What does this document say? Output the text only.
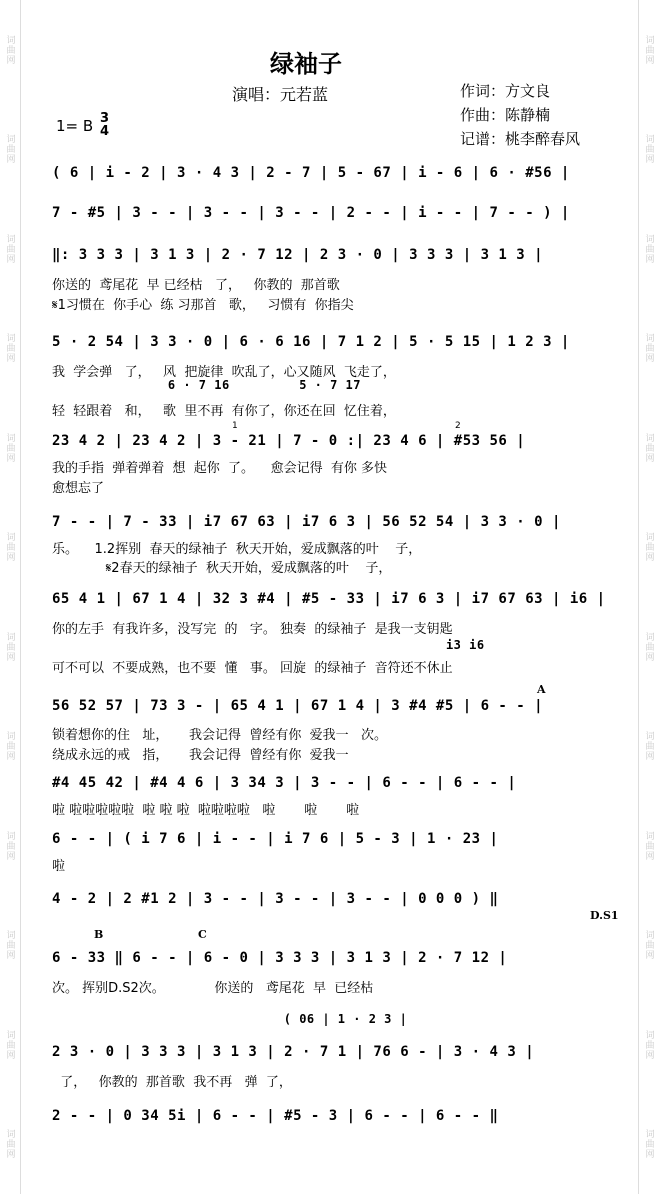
词曲网
词曲网
词曲网
词曲网
词曲网
词曲网
词曲网
词曲网
词曲网
词曲网
词曲网
词曲网
词曲网
词曲网
词曲网
词曲网
词曲网
词曲网
词曲网
词曲网
词曲网
词曲网
词曲网
词曲网
绿袖子
演唱：元若蓝	作词：方文良
作曲：陈静楠
记谱：桃李醉春风
1= B 3
4
( 6 | i - 2 | 3 · 4 3 | 2 - 7 | 5 - 67 | i - 6 | 6 · #56 |
7 - #5 | 3 - - | 3 - - | 3 - - | 2 - - | i - - | 7 - - ) |
‖: 3 3 3 | 3 1 3 | 2 · 7 12 | 2 3 · 0 | 3 3 3 | 3 1 3 |
你送的  鸢尾花  早 已经枯   了，   你教的  那首歌
𝄋1习惯在  你手心  练 习那首   歌，   习惯有  你指尖
5 · 2 54 | 3 3 · 0 | 6 · 6 16 | 7 1 2 | 5 · 5 15 | 1 2 3 |
我  学会弹   了，   风  把旋律  吹乱了，心又随风  飞走了，
6 · 7 16         5 · 7 17
轻  轻跟着   和，   歌  里不再  有你了，你还在回  忆住着，
23 4 2 | 23 4 2 | 3 - 21 | 7 - 0 :| 23 4 6 | #53 56 |
我的手指  弹着弹着  想  起你  了。    愈会记得  有你 多快
愈想忘了
7 - - | 7 - 33 | i7 67 63 | i7 6 3 | 56 52 54 | 3 3 · 0 |
乐。    1.2挥别  春天的绿袖子  秋天开始，爱成飘落的叶    子，
𝄋2春天的绿袖子  秋天开始，爱成飘落的叶    子，
65 4 1 | 67 1 4 | 32 3 #4 | #5 - 33 | i7 6 3 | i7 67 63 | i6 |
你的左手  有我许多，没写完  的   字。 独奏  的绿袖子  是我一支钥匙
i3 i6
可不可以  不要成熟，也不要  懂   事。 回旋  的绿袖子  音符还不休止
56 52 57 | 73 3 - | 65 4 1 | 67 1 4 | 3 #4 #5 | 6 - - |
锁着想你的住   址，     我会记得  曾经有你  爱我一   次。
绕成永远的戒   指，     我会记得  曾经有你  爱我一
#4 45 42 | #4 4 6 | 3 34 3 | 3 - - | 6 - - | 6 - - |
啦 啦啦啦啦啦  啦 啦 啦  啦啦啦啦   啦       啦       啦
6 - - | ( i 7 6 | i - - | i 7 6 | 5 - 3 | 1 · 23 |
啦
4 - 2 | 2 #1 2 | 3 - - | 3 - - | 3 - - | 0 0 0 ) ‖
D.S1
6 - 33 ‖ 6 - - | 6 - 0 | 3 3 3 | 3 1 3 | 2 · 7 12 |
次。 挥别D.S2次。            你送的   鸢尾花  早  已经枯
( 06 | 1 · 2 3 |
2 3 · 0 | 3 3 3 | 3 1 3 | 2 · 7 1 | 76 6 - | 3 · 4 3 |
了，   你教的  那首歌  我不再   弹  了，
2 - - | 0 34 5i | 6 - - | #5 - 3 | 6 - - | 6 - - ‖
A
B	C
1	2
